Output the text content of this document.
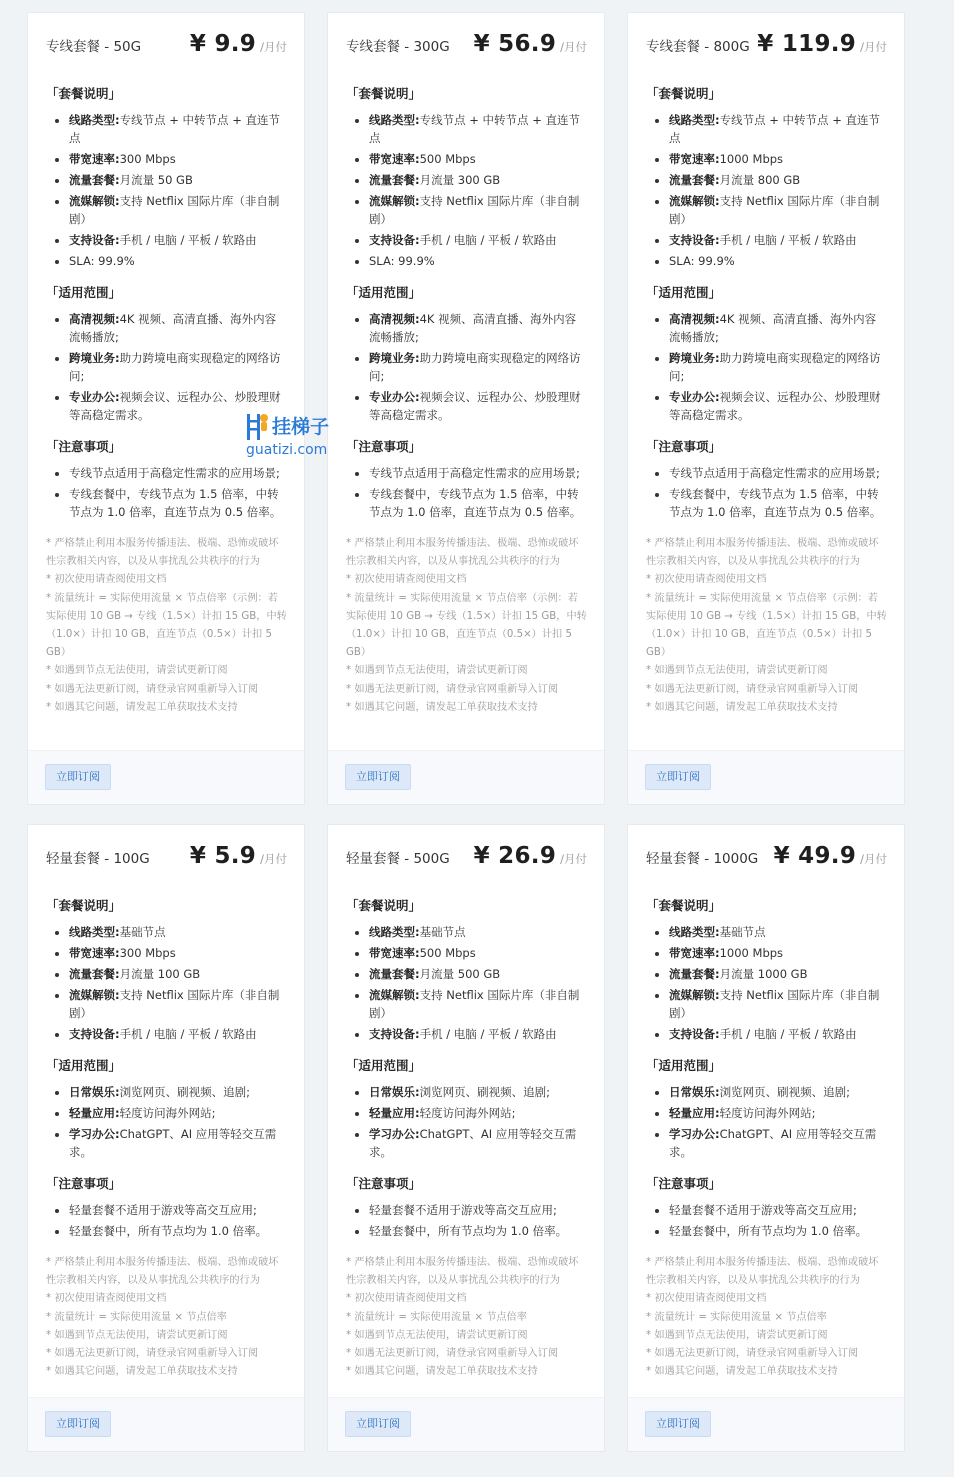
专线套餐 - 50G ¥ 9.9 /月付
「套餐说明」
• 线路类型:专线节点 + 中转节点 + 直连节点
• 带宽速率:300 Mbps
• 流量套餐:月流量 50 GB
• 流媒解锁:支持 Netflix 国际片库（非自制剧）
• 支持设备:手机 / 电脑 / 平板 / 软路由
• SLA: 99.9%
「适用范围」
• 高清视频:4K 视频、高清直播、海外内容流畅播放;
• 跨境业务:助力跨境电商实现稳定的网络访问;
• 专业办公:视频会议、远程办公、炒股理财等高稳定需求。
「注意事项」
• 专线节点适用于高稳定性需求的应用场景;
• 专线套餐中，专线节点为 1.5 倍率，中转节点为 1.0 倍率，直连节点为 0.5 倍率。
* 严格禁止利用本服务传播违法、极端、恐怖或破坏性宗教相关内容，以及从事扰乱公共秩序的行为
* 初次使用请查阅使用文档
* 流量统计 = 实际使用流量 × 节点倍率（示例：若实际使用 10 GB → 专线（1.5×）计扣 15 GB，中转（1.0×）计扣 10 GB，直连节点（0.5×）计扣 5 GB）
* 如遇到节点无法使用，请尝试更新订阅
* 如遇无法更新订阅，请登录官网重新导入订阅
* 如遇其它问题，请发起工单获取技术支持
立即订阅
专线套餐 - 300G ¥ 56.9 /月付
「套餐说明」
• 线路类型:专线节点 + 中转节点 + 直连节点
• 带宽速率:500 Mbps
• 流量套餐:月流量 300 GB
• 流媒解锁:支持 Netflix 国际片库（非自制剧）
• 支持设备:手机 / 电脑 / 平板 / 软路由
• SLA: 99.9%
「适用范围」
• 高清视频:4K 视频、高清直播、海外内容流畅播放;
• 跨境业务:助力跨境电商实现稳定的网络访问;
• 专业办公:视频会议、远程办公、炒股理财等高稳定需求。
「注意事项」
• 专线节点适用于高稳定性需求的应用场景;
• 专线套餐中，专线节点为 1.5 倍率，中转节点为 1.0 倍率，直连节点为 0.5 倍率。
* 严格禁止利用本服务传播违法、极端、恐怖或破坏性宗教相关内容，以及从事扰乱公共秩序的行为
* 初次使用请查阅使用文档
* 流量统计 = 实际使用流量 × 节点倍率（示例：若实际使用 10 GB → 专线（1.5×）计扣 15 GB，中转（1.0×）计扣 10 GB，直连节点（0.5×）计扣 5 GB）
* 如遇到节点无法使用，请尝试更新订阅
* 如遇无法更新订阅，请登录官网重新导入订阅
* 如遇其它问题，请发起工单获取技术支持
立即订阅
专线套餐 - 800G ¥ 119.9 /月付
「套餐说明」
• 线路类型:专线节点 + 中转节点 + 直连节点
• 带宽速率:1000 Mbps
• 流量套餐:月流量 800 GB
• 流媒解锁:支持 Netflix 国际片库（非自制剧）
• 支持设备:手机 / 电脑 / 平板 / 软路由
• SLA: 99.9%
「适用范围」
• 高清视频:4K 视频、高清直播、海外内容流畅播放;
• 跨境业务:助力跨境电商实现稳定的网络访问;
• 专业办公:视频会议、远程办公、炒股理财等高稳定需求。
「注意事项」
• 专线节点适用于高稳定性需求的应用场景;
• 专线套餐中，专线节点为 1.5 倍率，中转节点为 1.0 倍率，直连节点为 0.5 倍率。
* 严格禁止利用本服务传播违法、极端、恐怖或破坏性宗教相关内容，以及从事扰乱公共秩序的行为
* 初次使用请查阅使用文档
* 流量统计 = 实际使用流量 × 节点倍率（示例：若实际使用 10 GB → 专线（1.5×）计扣 15 GB，中转（1.0×）计扣 10 GB，直连节点（0.5×）计扣 5 GB）
* 如遇到节点无法使用，请尝试更新订阅
* 如遇无法更新订阅，请登录官网重新导入订阅
* 如遇其它问题，请发起工单获取技术支持
立即订阅
轻量套餐 - 100G ¥ 5.9 /月付
「套餐说明」
• 线路类型:基础节点
• 带宽速率:300 Mbps
• 流量套餐:月流量 100 GB
• 流媒解锁:支持 Netflix 国际片库（非自制剧）
• 支持设备:手机 / 电脑 / 平板 / 软路由
「适用范围」
• 日常娱乐:浏览网页、刷视频、追剧;
• 轻量应用:轻度访问海外网站;
• 学习办公:ChatGPT、AI 应用等轻交互需求。
「注意事项」
• 轻量套餐不适用于游戏等高交互应用;
• 轻量套餐中，所有节点均为 1.0 倍率。
* 严格禁止利用本服务传播违法、极端、恐怖或破坏性宗教相关内容，以及从事扰乱公共秩序的行为
* 初次使用请查阅使用文档
* 流量统计 = 实际使用流量 × 节点倍率
* 如遇到节点无法使用，请尝试更新订阅
* 如遇无法更新订阅，请登录官网重新导入订阅
* 如遇其它问题，请发起工单获取技术支持
立即订阅
轻量套餐 - 500G ¥ 26.9 /月付
「套餐说明」
• 线路类型:基础节点
• 带宽速率:500 Mbps
• 流量套餐:月流量 500 GB
• 流媒解锁:支持 Netflix 国际片库（非自制剧）
• 支持设备:手机 / 电脑 / 平板 / 软路由
「适用范围」
• 日常娱乐:浏览网页、刷视频、追剧;
• 轻量应用:轻度访问海外网站;
• 学习办公:ChatGPT、AI 应用等轻交互需求。
「注意事项」
• 轻量套餐不适用于游戏等高交互应用;
• 轻量套餐中，所有节点均为 1.0 倍率。
* 严格禁止利用本服务传播违法、极端、恐怖或破坏性宗教相关内容，以及从事扰乱公共秩序的行为
* 初次使用请查阅使用文档
* 流量统计 = 实际使用流量 × 节点倍率
* 如遇到节点无法使用，请尝试更新订阅
* 如遇无法更新订阅，请登录官网重新导入订阅
* 如遇其它问题，请发起工单获取技术支持
立即订阅
轻量套餐 - 1000G ¥ 49.9 /月付
「套餐说明」
• 线路类型:基础节点
• 带宽速率:1000 Mbps
• 流量套餐:月流量 1000 GB
• 流媒解锁:支持 Netflix 国际片库（非自制剧）
• 支持设备:手机 / 电脑 / 平板 / 软路由
「适用范围」
• 日常娱乐:浏览网页、刷视频、追剧;
• 轻量应用:轻度访问海外网站;
• 学习办公:ChatGPT、AI 应用等轻交互需求。
「注意事项」
• 轻量套餐不适用于游戏等高交互应用;
• 轻量套餐中，所有节点均为 1.0 倍率。
* 严格禁止利用本服务传播违法、极端、恐怖或破坏性宗教相关内容，以及从事扰乱公共秩序的行为
* 初次使用请查阅使用文档
* 流量统计 = 实际使用流量 × 节点倍率
* 如遇到节点无法使用，请尝试更新订阅
* 如遇无法更新订阅，请登录官网重新导入订阅
* 如遇其它问题，请发起工单获取技术支持
立即订阅
挂梯子
guatizi.com
